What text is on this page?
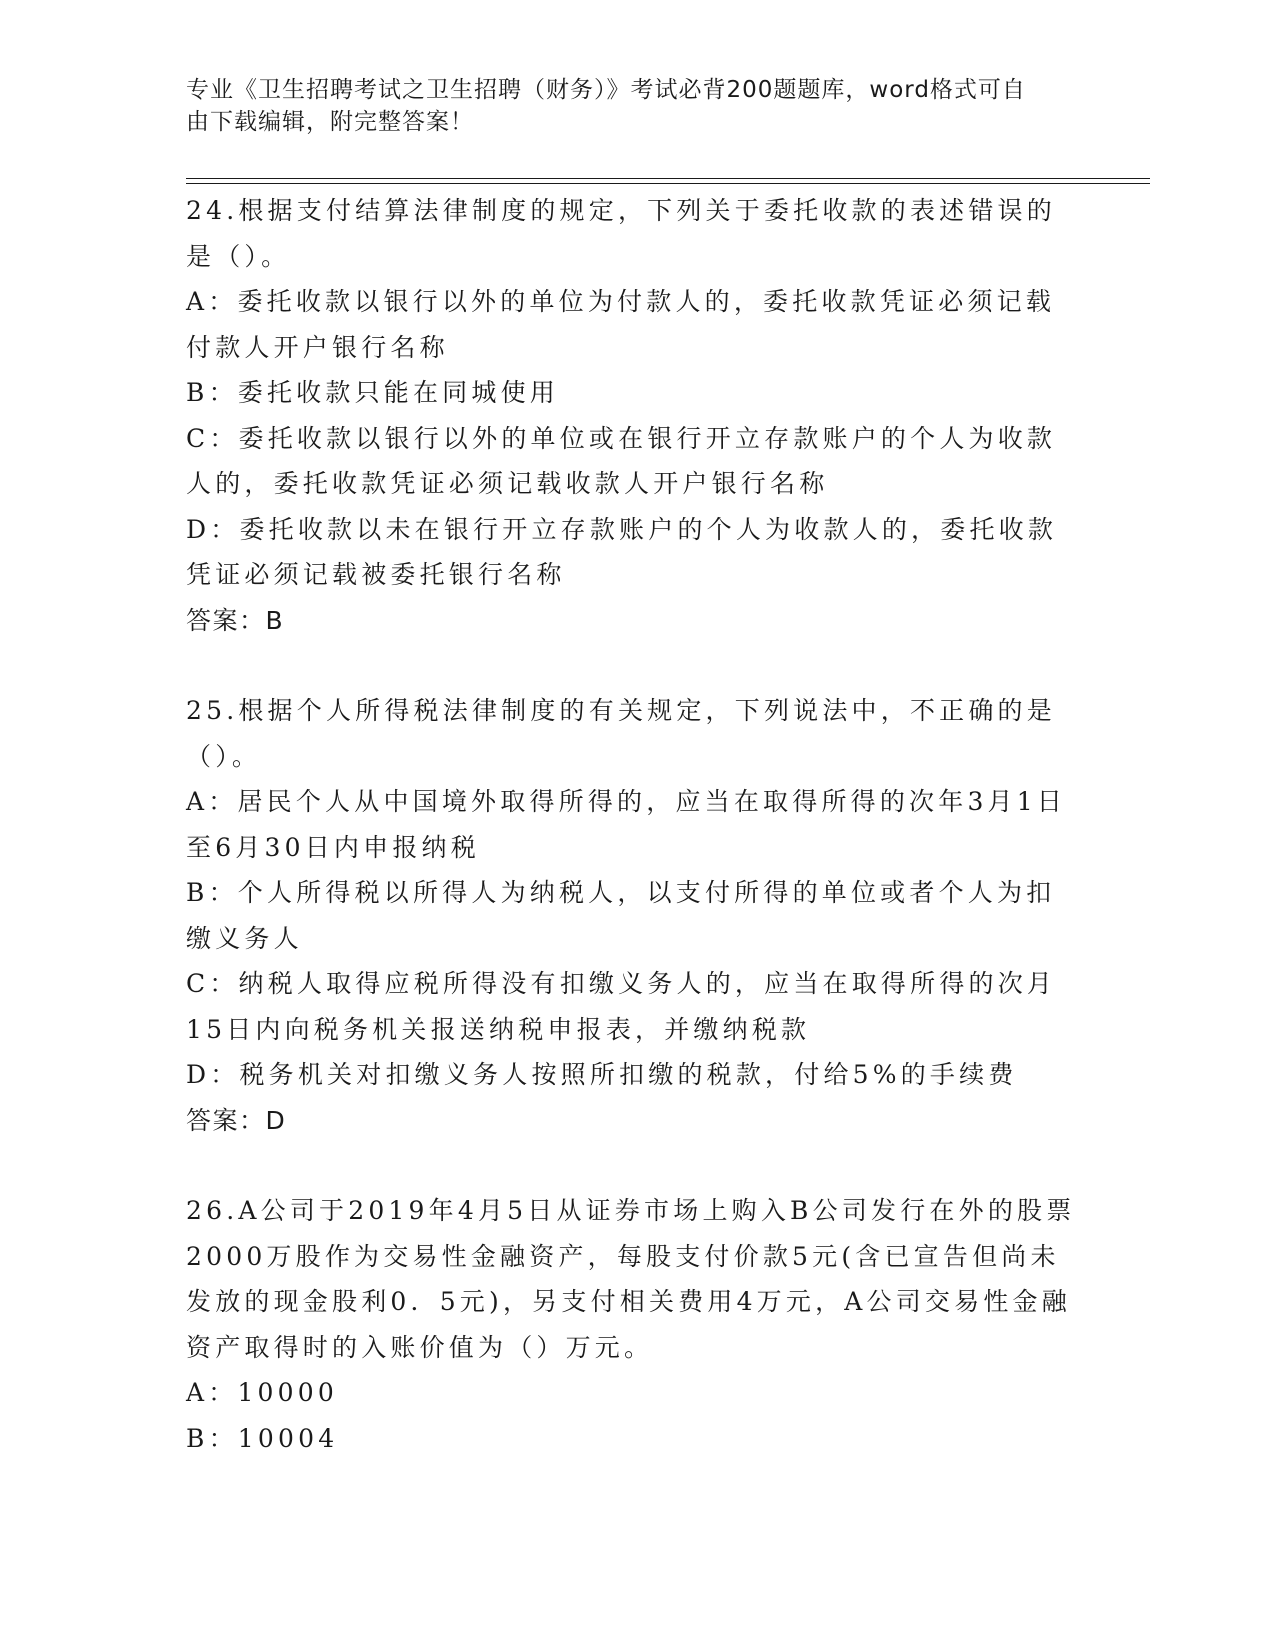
专业《卫生招聘考试之卫生招聘（财务）》考试必背200题题库，word格式可自
由下载编辑，附完整答案！

24.根据支付结算法律制度的规定，下列关于委托收款的表述错误的是（）。

A：委托收款以银行以外的单位为付款人的，委托收款凭证必须记载付款人开户银行名称

B：委托收款只能在同城使用

C：委托收款以银行以外的单位或在银行开立存款账户的个人为收款人的，委托收款凭证必须记载收款人开户银行名称

D：委托收款以未在银行开立存款账户的个人为收款人的，委托收款凭证必须记载被委托银行名称

答案：B

25.根据个人所得税法律制度的有关规定，下列说法中，不正确的是（）。

A：居民个人从中国境外取得所得的，应当在取得所得的次年3月1日至6月30日内申报纳税

B：个人所得税以所得人为纳税人，以支付所得的单位或者个人为扣缴义务人

C：纳税人取得应税所得没有扣缴义务人的，应当在取得所得的次月15日内向税务机关报送纳税申报表，并缴纳税款

D：税务机关对扣缴义务人按照所扣缴的税款，付给5%的手续费

答案：D

26.A公司于2019年4月5日从证券市场上购入B公司发行在外的股票2000万股作为交易性金融资产，每股支付价款5元(含已宣告但尚未发放的现金股利0．5元)，另支付相关费用4万元，A公司交易性金融资产取得时的入账价值为（）万元。

A：10000

B：10004
